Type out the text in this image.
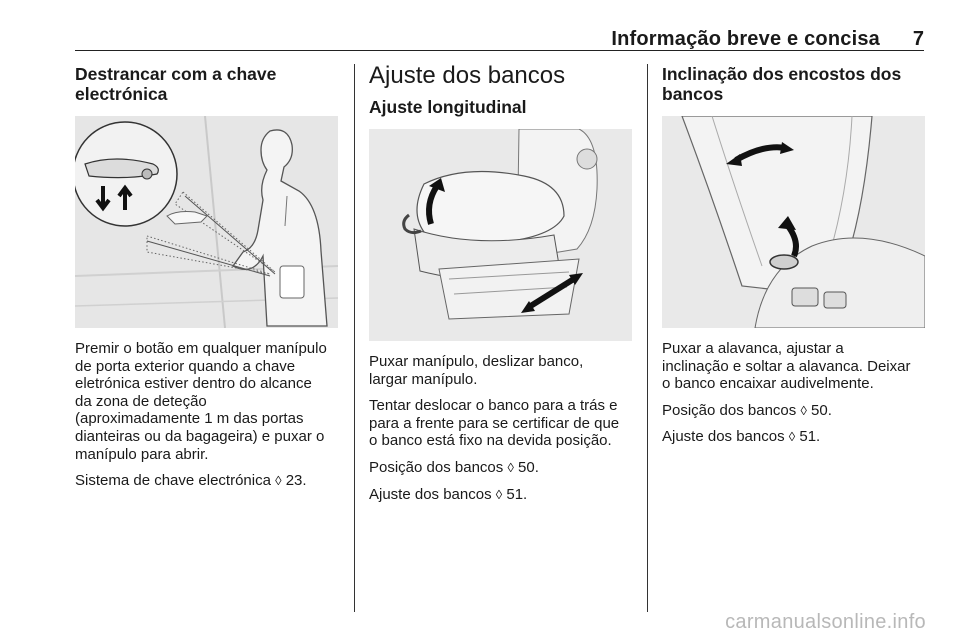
Informação breve e concisa 7
Destrancar com a chave
electrónica

Premir o botão em qualquer manípulo
de porta exterior quando a chave
eletrónica estiver dentro do alcance
da zona de deteção
(aproximadamente 1 m das portas
dianteiras ou da bagageira) e puxar o
manípulo para abrir.

Sistema de chave electrónica ◊ 23.

Ajuste dos bancos
Ajuste longitudinal

Puxar manípulo, deslizar banco,
largar manípulo.

Tentar deslocar o banco para a trás e
para a frente para se certificar de que
o banco está fixo na devida posição.

Posição dos bancos ◊ 50.

Ajuste dos bancos ◊ 51.

Inclinação dos encostos dos
bancos

Puxar a alavanca, ajustar a
inclinação e soltar a alavanca. Deixar
o banco encaixar audivelmente.

Posição dos bancos ◊ 50.

Ajuste dos bancos ◊ 51.

carmanualsonline.info
